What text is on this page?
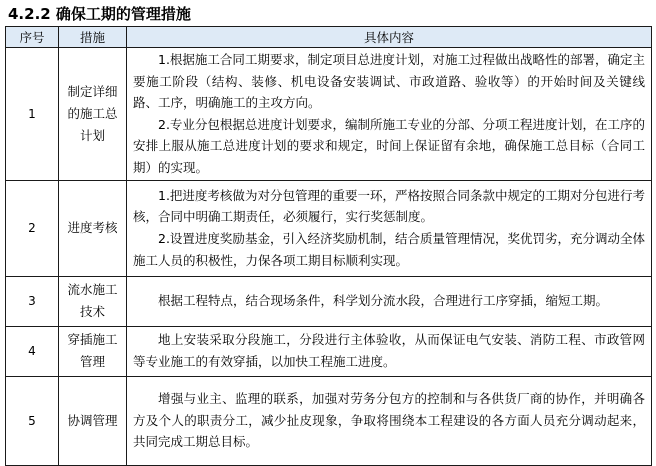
4.2.2 确保工期的管理措施
序号	措施	具体内容
1	制定详细的施工总计划	1.根据施工合同工期要求，制定项目总进度计划，对施工过程做出战略性的部署，确定主要施工阶段（结构、装修、机电设备安装调试、市政道路、验收等）的开始时间及关键线路、工序，明确施工的主攻方向。

2.专业分包根据总进度计划要求，编制所施工专业的分部、分项工程进度计划，在工序的安排上服从施工总进度计划的要求和规定，时间上保证留有余地，确保施工总目标（合同工期）的实现。

2	进度考核	1.把进度考核做为对分包管理的重要一环，严格按照合同条款中规定的工期对分包进行考核，合同中明确工期责任，必须履行，实行奖惩制度。

2.设置进度奖励基金，引入经济奖励机制，结合质量管理情况，奖优罚劣，充分调动全体施工人员的积极性，力保各项工期目标顺利实现。

3	流水施工技术	根据工程特点，结合现场条件，科学划分流水段，合理进行工序穿插，缩短工期。

4	穿插施工管理	地上安装采取分段施工，分段进行主体验收，从而保证电气安装、消防工程、市政管网等专业施工的有效穿插，以加快工程施工进度。

5	协调管理	增强与业主、监理的联系，加强对劳务分包方的控制和与各供货厂商的协作，并明确各方及个人的职责分工，减少扯皮现象，争取将围绕本工程建设的各方面人员充分调动起来，共同完成工期总目标。
